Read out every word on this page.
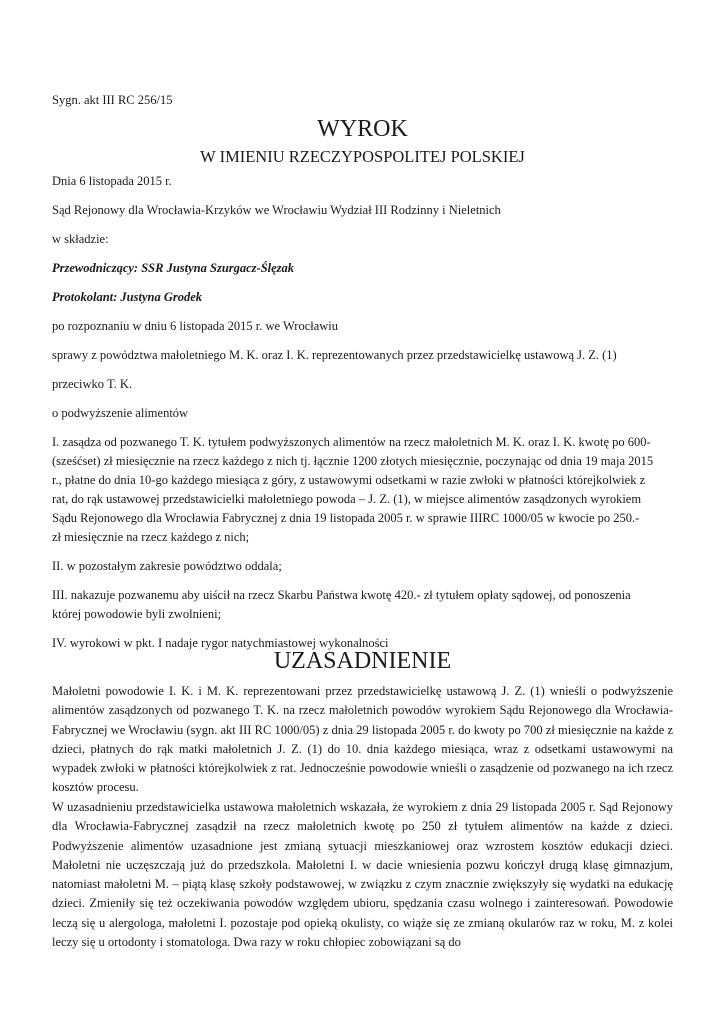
Sygn. akt III RC 256/15

WYROK
W IMIENIU RZECZYPOSPOLITEJ POLSKIEJ

Dnia 6 listopada 2015 r.

Sąd Rejonowy dla Wrocławia-Krzyków we Wrocławiu Wydział III Rodzinny i Nieletnich

w składzie:

Przewodniczący: SSR Justyna Szurgacz-Ślęzak

Protokolant: Justyna Grodek

po rozpoznaniu w dniu 6 listopada 2015 r. we Wrocławiu

sprawy z powództwa małoletniego M. K. oraz I. K. reprezentowanych przez przedstawicielkę ustawową J. Z. (1)

przeciwko T. K.

o podwyższenie alimentów

I. zasądza od pozwanego T. K. tytułem podwyższonych alimentów na rzecz małoletnich M. K. oraz I. K. kwotę po 600-

(sześćset) zł miesięcznie na rzecz każdego z nich tj. łącznie 1200 złotych miesięcznie, poczynając od dnia 19 maja 2015

r., płatne do dnia 10-go każdego miesiąca z góry, z ustawowymi odsetkami w razie zwłoki w płatności którejkolwiek z

rat, do rąk ustawowej przedstawicielki małoletniego powoda – J. Z. (1), w miejsce alimentów zasądzonych wyrokiem

Sądu Rejonowego dla Wrocławia Fabrycznej z dnia 19 listopada 2005 r. w sprawie IIIRC 1000/05 w kwocie po 250.-

zł miesięcznie na rzecz każdego z nich;

II. w pozostałym zakresie powództwo oddala;

III. nakazuje pozwanemu aby uiścił na rzecz Skarbu Państwa kwotę 420.- zł tytułem opłaty sądowej, od ponoszenia

której powodowie byli zwolnieni;

IV. wyrokowi w pkt. I nadaje rygor natychmiastowej wykonalności

UZASADNIENIE

Małoletni powodowie I. K. i M. K. reprezentowani przez przedstawicielkę ustawową J. Z. (1) wnieśli o podwyższenie alimentów zasądzonych od pozwanego T. K. na rzecz małoletnich powodów wyrokiem Sądu Rejonowego dla Wrocławia-Fabrycznej we Wrocławiu (sygn. akt III RC 1000/05) z dnia 29 listopada 2005 r. do kwoty po 700 zł miesięcznie na każde z dzieci, płatnych do rąk matki małoletnich J. Z. (1) do 10. dnia każdego miesiąca, wraz z odsetkami ustawowymi na wypadek zwłoki w płatności którejkolwiek z rat. Jednocześnie powodowie wnieśli o zasądzenie od pozwanego na ich rzecz kosztów procesu.

W uzasadnieniu przedstawicielka ustawowa małoletnich wskazała, że wyrokiem z dnia 29 listopada 2005 r. Sąd Rejonowy dla Wrocławia-Fabrycznej zasądził na rzecz małoletnich kwotę po 250 zł tytułem alimentów na każde z dzieci. Podwyższenie alimentów uzasadnione jest zmianą sytuacji mieszkaniowej oraz wzrostem kosztów edukacji dzieci. Małoletni nie uczęszczają już do przedszkola. Małoletni I. w dacie wniesienia pozwu kończył drugą klasę gimnazjum, natomiast małoletni M. – piątą klasę szkoły podstawowej, w związku z czym znacznie zwiększyły się wydatki na edukację dzieci. Zmieniły się też oczekiwania powodów względem ubioru, spędzania czasu wolnego i zainteresowań. Powodowie leczą się u alergologa, małoletni I. pozostaje pod opieką okulisty, co wiąże się ze zmianą okularów raz w roku, M. z kolei leczy się u ortodonty i stomatologa. Dwa razy w roku chłopiec zobowiązani są do
